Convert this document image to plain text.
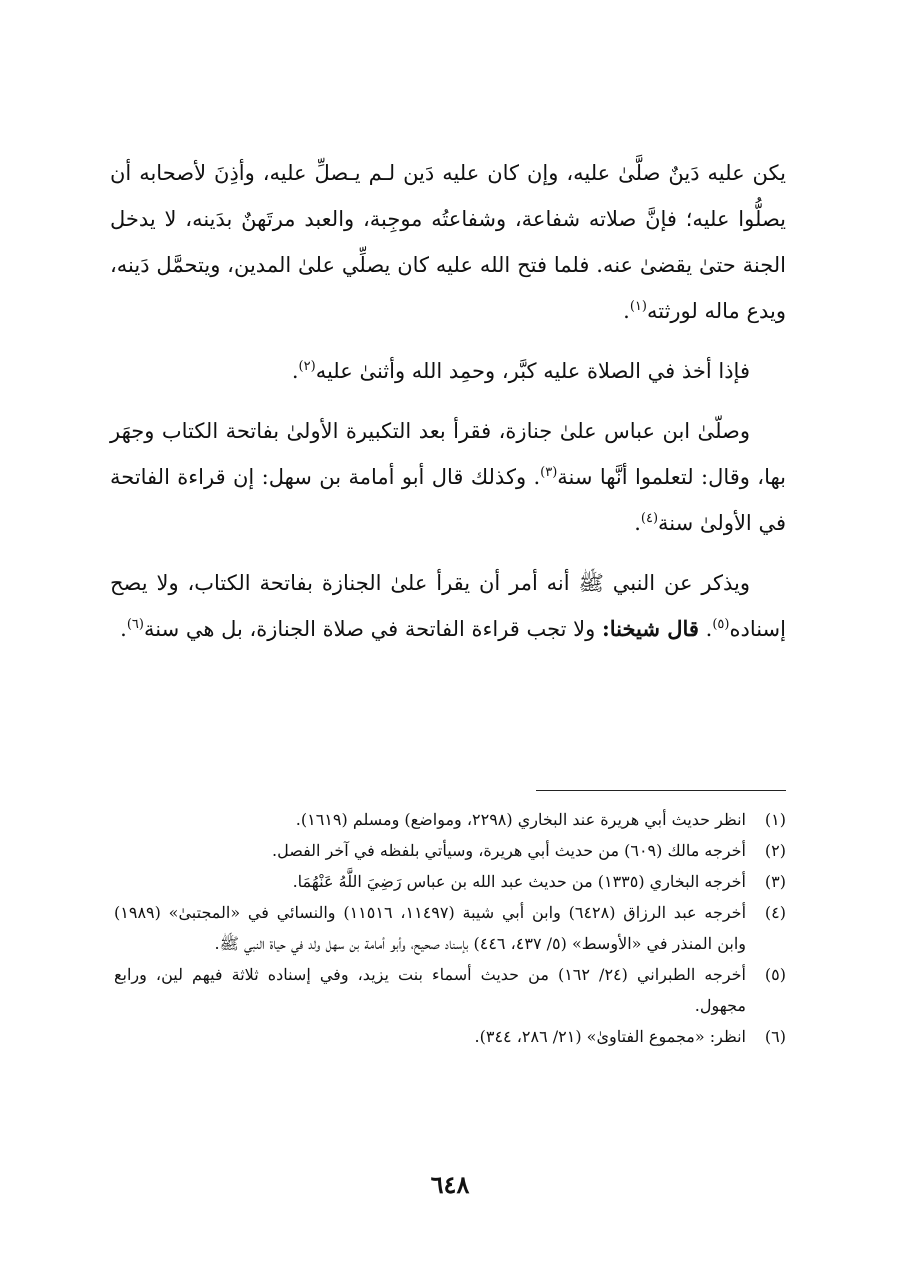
يكن عليه دَينٌ صلَّىٰ عليه، وإن كان عليه دَين لـم يـصلِّ عليه، وأذِنَ لأصحابه أن يصلُّوا عليه؛ فإنَّ صلاته شفاعة، وشفاعتُه موجِبة، والعبد مرتَهنٌ بدَينه، لا يدخل الجنة حتىٰ يقضىٰ عنه. فلما فتح الله عليه كان يصلِّي علىٰ المدين، ويتحمَّل دَينه، ويدع ماله لورثته$^{(١)}$.

فإذا أخذ في الصلاة عليه كبَّر، وحمِد الله وأثنىٰ عليه$^{(٢)}$.

وصلّىٰ ابن عباس علىٰ جنازة، فقرأ بعد التكبيرة الأولىٰ بفاتحة الكتاب وجهَر بها، وقال: لتعلموا أنَّها سنة$^{(٣)}$. وكذلك قال أبو أمامة بن سهل: إن قراءة الفاتحة في الأولىٰ سنة$^{(٤)}$.

ويذكر عن النبي ﷺ أنه أمر أن يقرأ علىٰ الجنازة بفاتحة الكتاب، ولا يصح إسناده$^{(٥)}$. قال شيخنا: ولا تجب قراءة الفاتحة في صلاة الجنازة، بل هي سنة$^{(٦)}$.

(١)
انظر حديث أبي هريرة عند البخاري (٢٢٩٨، ومواضع) ومسلم (١٦١٩).
(٢)
أخرجه مالك (٦٠٩) من حديث أبي هريرة، وسيأتي بلفظه في آخر الفصل.
(٣)
أخرجه البخاري (١٣٣٥) من حديث عبد الله بن عباس رَضِيَ اللَّهُ عَنْهُمَا.
(٤)
أخرجه عبد الرزاق (٦٤٢٨) وابن أبي شيبة (١١٤٩٧، ١١٥١٦) والنسائي في «المجتبىٰ» (١٩٨٩) وابن المنذر في «الأوسط» (٥/ ٤٣٧، ٤٤٦) بإسناد صحيح، وأبو أمامة بن سهل ولد في حياة النبي ﷺ.
(٥)
أخرجه الطبراني (٢٤/ ١٦٢) من حديث أسماء بنت يزيد، وفي إسناده ثلاثة فيهم لين، ورابع مجهول.
(٦)
انظر: «مجموع الفتاوىٰ» (٢١/ ٢٨٦، ٣٤٤).
٦٤٨
